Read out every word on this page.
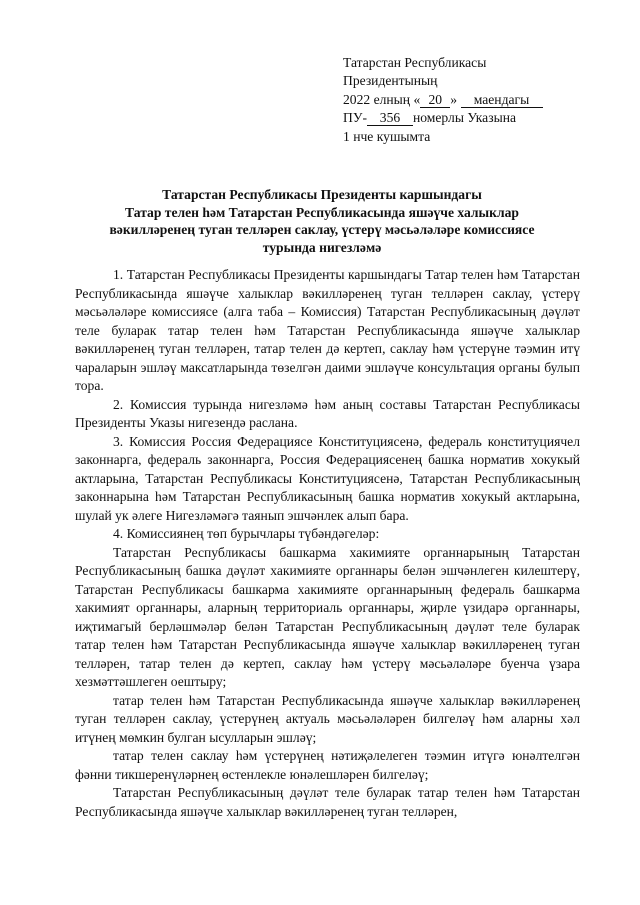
Татарстан Республикасы
Президентының
2022 елның « 20 » маендагы
ПУ- 356 номерлы Указына
1 нче кушымта
Татарстан Республикасы Президенты каршындагы
Татар телен һәм Татарстан Республикасында яшәүче халыклар
вәкилләренең туган телләрен саклау, үстерү мәсьәләләре комиссиясе
турында нигезләмә

1. Татарстан Республикасы Президенты каршындагы Татар телен һәм Татарстан Республикасында яшәүче халыклар вәкилләренең туган телләрен саклау, үстерү мәсьәләләре комиссиясе (алга таба – Комиссия) Татарстан Республикасының дәүләт теле буларак татар телен һәм Татарстан Республикасында яшәүче халыклар вәкилләренең туган телләрен, татар телен дә кертеп, саклау һәм үстерүне тәэмин итү чараларын эшләү максатларында төзелгән даими эшләүче консультация органы булып тора.

2. Комиссия турында нигезләмә һәм аның составы Татарстан Республикасы Президенты Указы нигезендә раслана.

3. Комиссия Россия Федерациясе Конституциясенә, федераль конституциячел законнарга, федераль законнарга, Россия Федерациясенең башка норматив хокукый актларына, Татарстан Республикасы Конституциясенә, Татарстан Республикасының законнарына һәм Татарстан Республикасының башка норматив хокукый актларына, шулай ук әлеге Нигезләмәгә таянып эшчәнлек алып бара.

4. Комиссиянең төп бурычлары түбәндәгеләр:

Татарстан Республикасы башкарма хакимияте органнарының Татарстан Республикасының башка дәүләт хакимияте органнары белән эшчәнлеген килештерү, Татарстан Республикасы башкарма хакимияте органнарының федераль башкарма хакимият органнары, аларның территориаль органнары, җирле үзидарә органнары, иҗтимагый берләшмәләр белән Татарстан Республикасының дәүләт теле буларак татар телен һәм Татарстан Республикасында яшәүче халыклар вәкилләренең туган телләрен, татар телен дә кертеп, саклау һәм үстерү мәсьәләләре буенча үзара хезмәттәшлеген оештыру;

татар телен һәм Татарстан Республикасында яшәүче халыклар вәкилләренең туган телләрен саклау, үстерүнең актуаль мәсьәләләрен билгеләү һәм аларны хәл итүнең мөмкин булган ысулларын эшләү;

татар телен саклау һәм үстерүнең нәтиҗәлелеген тәэмин итүгә юнәлтелгән фәнни тикшеренүләрнең өстенлекле юнәлешләрен билгеләү;

Татарстан Республикасының дәүләт теле буларак татар телен һәм Татарстан Республикасында яшәүче халыклар вәкилләренең туган телләрен,
